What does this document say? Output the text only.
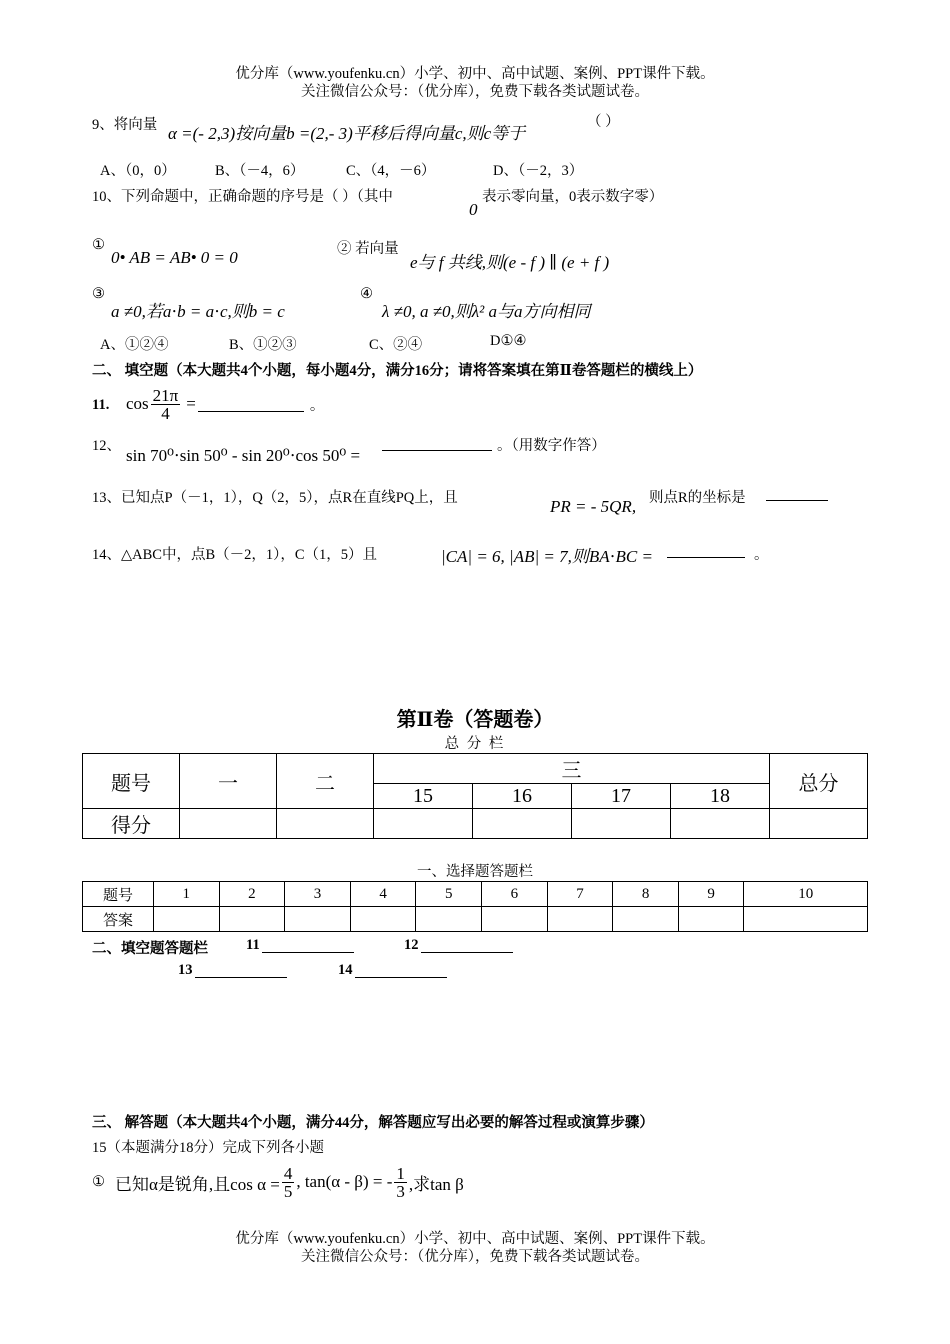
优分库（www.youfenku.cn）小学、初中、高中试题、案例、PPT课件下载。
关注微信公众号：（优分库），免费下载各类试题试卷。
9、将向量 α =(- 2,3)按向量b =(2,- 3)平移后得向量c,则c等于
（ ）
A、（0，0）	B、（－4，6）	C、（4，－6）	D、（－2，3）
10、下列命题中，正确命题的序号是（ ）（其中
0
表示零向量，0表示数字零）
①
0• AB = AB• 0 = 0	② 若向量
e与 f 共线,则(e - f ) ∥ (e + f )
③
a ≠0,若a⋅b = a⋅c,则b = c
④
λ ≠0, a ≠0,则λ² a与a方向相同
A、①②④	B、①②③	C、②④	D①④
二、 填空题（本大题共4个小题，每小题4分，满分16分；请将答案填在第Ⅱ卷答题栏的横线上）
11. $\cos \frac{21\pi}{4}$ =	。
12、 sin 70⁰⋅sin 50⁰ - sin 20⁰⋅cos 50⁰ =	。（用数字作答）
13、已知点P（－1，1），Q（2，5），点R在直线PQ上，且	PR = - 5QR, 则点R的坐标是
14、△ABC中，点B（－2，1），C（1，5）且	|CA| = 6, |AB| = 7,则BA⋅BC =	。
第Ⅱ卷（答题卷）
总 分 栏
题号	一	二	三				总分
			15	16	17	18	
得分							
一、选择题答题栏
题号	1	2	3	4	5	6	7	8	9	10
答案										
二、填空题答题栏	11	12
13	14
三、 解答题（本大题共4个小题，满分44分，解答题应写出必要的解答过程或演算步骤）
15（本题满分18分）完成下列各小题
① 已知α是锐角,且$\cos \alpha = \frac{4}{5}$ , tan(α - β) = - $\frac{1}{3}$ ,求tan β
优分库（www.youfenku.cn）小学、初中、高中试题、案例、PPT课件下载。
关注微信公众号：（优分库），免费下载各类试题试卷。
